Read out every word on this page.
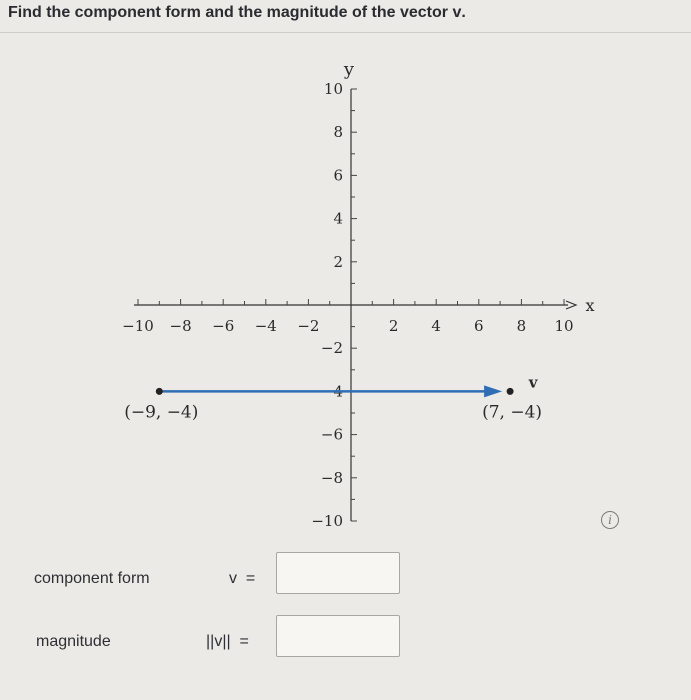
Find the component form and the magnitude of the vector v.
−10 −8 −6 −4 −2	2 4 6 8 10
10
8
6
4
2
−2
−4
−6
−8
−10
x
y
(−9, −4)	(7, −4)
v
i
component form	v  =
magnitude	||v||  =
